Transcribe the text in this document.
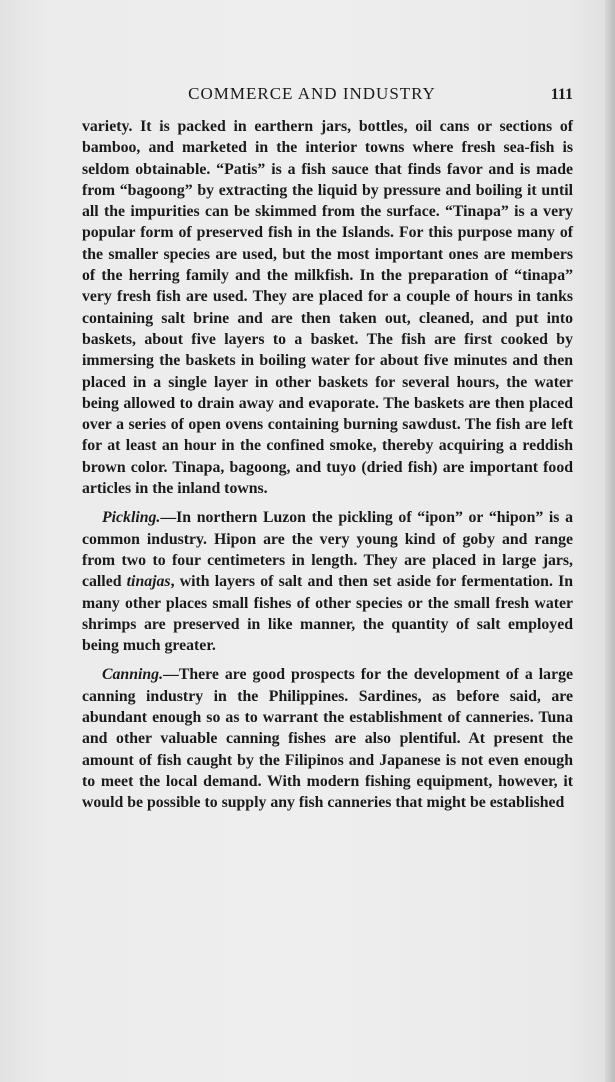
COMMERCE AND INDUSTRY	111

variety. It is packed in earthern jars, bottles, oil cans or sections of bamboo, and marketed in the interior towns where fresh sea-fish is seldom obtainable. “Patis” is a fish sauce that finds favor and is made from “bagoong” by extracting the liquid by pressure and boiling it until all the impurities can be skimmed from the surface. “Tinapa” is a very popular form of preserved fish in the Islands. For this purpose many of the smaller species are used, but the most important ones are members of the herring family and the milkfish. In the preparation of “tinapa” very fresh fish are used. They are placed for a couple of hours in tanks containing salt brine and are then taken out, cleaned, and put into baskets, about five layers to a basket. The fish are first cooked by immersing the baskets in boiling water for about five minutes and then placed in a single layer in other baskets for several hours, the water being allowed to drain away and evaporate. The baskets are then placed over a series of open ovens containing burning sawdust. The fish are left for at least an hour in the confined smoke, thereby acquiring a reddish brown color. Tinapa, bagoong, and tuyo (dried fish) are important food articles in the inland towns.

Pickling.—In northern Luzon the pickling of “ipon” or “hipon” is a common industry. Hipon are the very young kind of goby and range from two to four centimeters in length. They are placed in large jars, called tinajas, with layers of salt and then set aside for fermentation. In many other places small fishes of other species or the small fresh water shrimps are preserved in like manner, the quantity of salt employed being much greater.

Canning.—There are good prospects for the development of a large canning industry in the Philippines. Sardines, as before said, are abundant enough so as to warrant the establishment of canneries. Tuna and other valuable canning fishes are also plentiful. At present the amount of fish caught by the Filipinos and Japanese is not even enough to meet the local demand. With modern fishing equipment, however, it would be possible to supply any fish canneries that might be established
